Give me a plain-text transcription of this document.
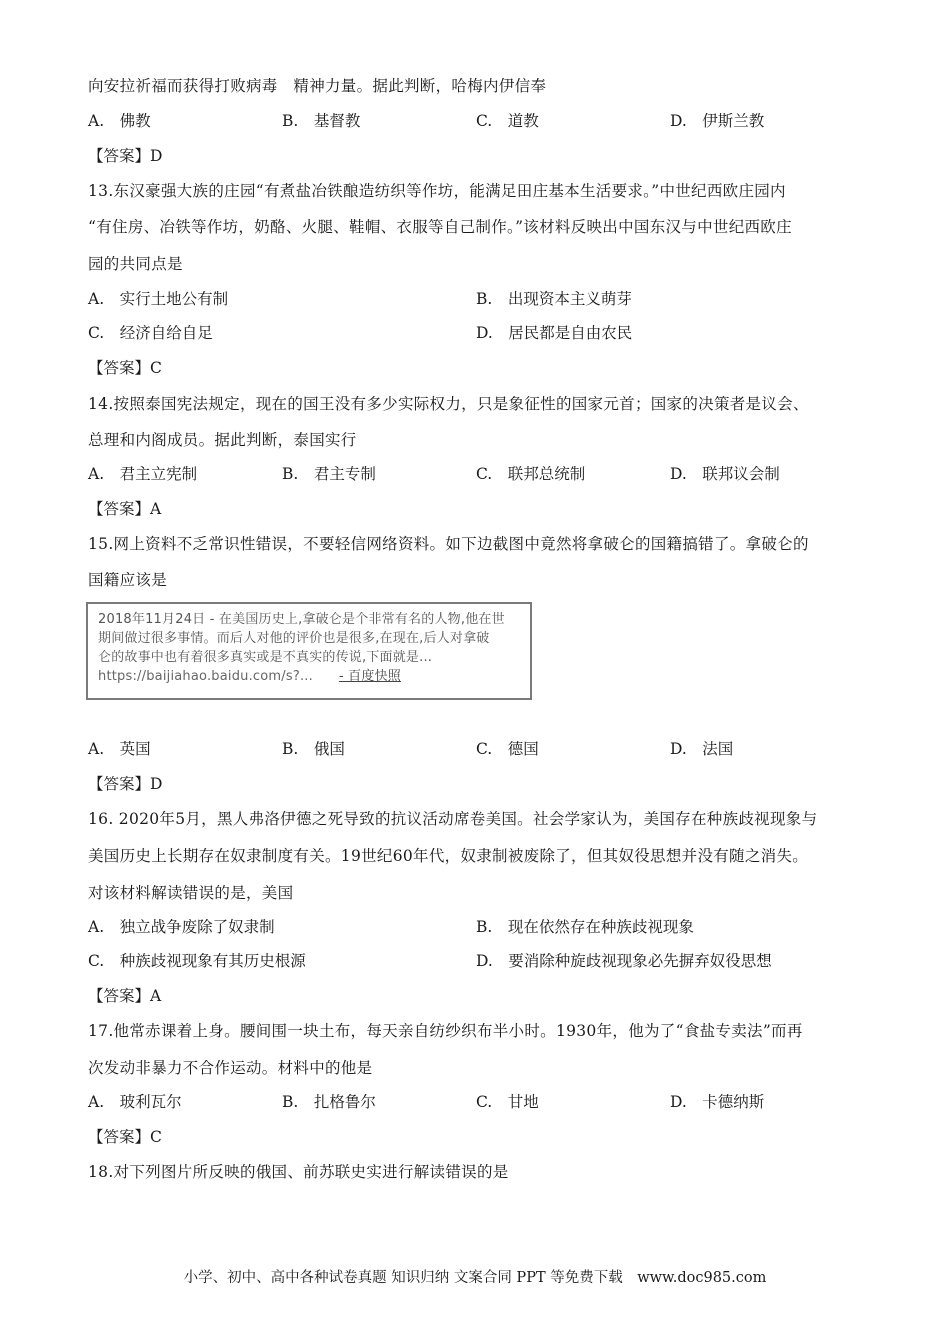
向安拉祈福而获得打败病毒　精神力量。据此判断，哈梅内伊信奉
A.　佛教	B.　基督教	C.　道教	D.　伊斯兰教
【答案】D
13.东汉豪强大族的庄园“有煮盐冶铁酿造纺织等作坊，能满足田庄基本生活要求。”中世纪西欧庄园内
“有住房、冶铁等作坊，奶酪、火腿、鞋帽、衣服等自己制作。”该材料反映出中国东汉与中世纪西欧庄
园的共同点是
A.　实行土地公有制	B.　出现资本主义萌芽
C.　经济自给自足	D.　居民都是自由农民
【答案】C
14.按照泰国宪法规定，现在的国王没有多少实际权力，只是象征性的国家元首；国家的决策者是议会、
总理和内阁成员。据此判断，泰国实行
A.　君主立宪制	B.　君主专制	C.　联邦总统制	D.　联邦议会制
【答案】A
15.网上资料不乏常识性错误，不要轻信网络资料。如下边截图中竟然将拿破仑的国籍搞错了。拿破仑的
国籍应该是
2018年11月24日 - 在美国历史上,拿破仑是个非常有名的人物,他在世
期间做过很多事情。而后人对他的评价也是很多,在现在,后人对拿破
仑的故事中也有着很多真实或是不真实的传说,下面就是...
https://baijiahao.baidu.com/s?... - 百度快照
A.　英国	B.　俄国	C.　德国	D.　法国
【答案】D
16. 2020年5月，黑人弗洛伊德之死导致的抗议活动席卷美国。社会学家认为，美国存在种族歧视现象与
美国历史上长期存在奴隶制度有关。19世纪60年代，奴隶制被废除了，但其奴役思想并没有随之消失。
对该材料解读错误的是，美国
A.　独立战争废除了奴隶制	B.　现在依然存在种族歧视现象
C.　种族歧视现象有其历史根源	D.　要消除种旋歧视现象必先摒弃奴役思想
【答案】A
17.他常赤课着上身。腰间围一块土布，每天亲自纺纱织布半小时。1930年，他为了“食盐专卖法”而再
次发动非暴力不合作运动。材料中的他是
A.　玻利瓦尔	B.　扎格鲁尔	C.　甘地	D.　卡德纳斯
【答案】C
18.对下列图片所反映的俄国、前苏联史实进行解读错误的是
小学、初中、高中各种试卷真题 知识归纳 文案合同 PPT 等免费下载　www.doc985.com
